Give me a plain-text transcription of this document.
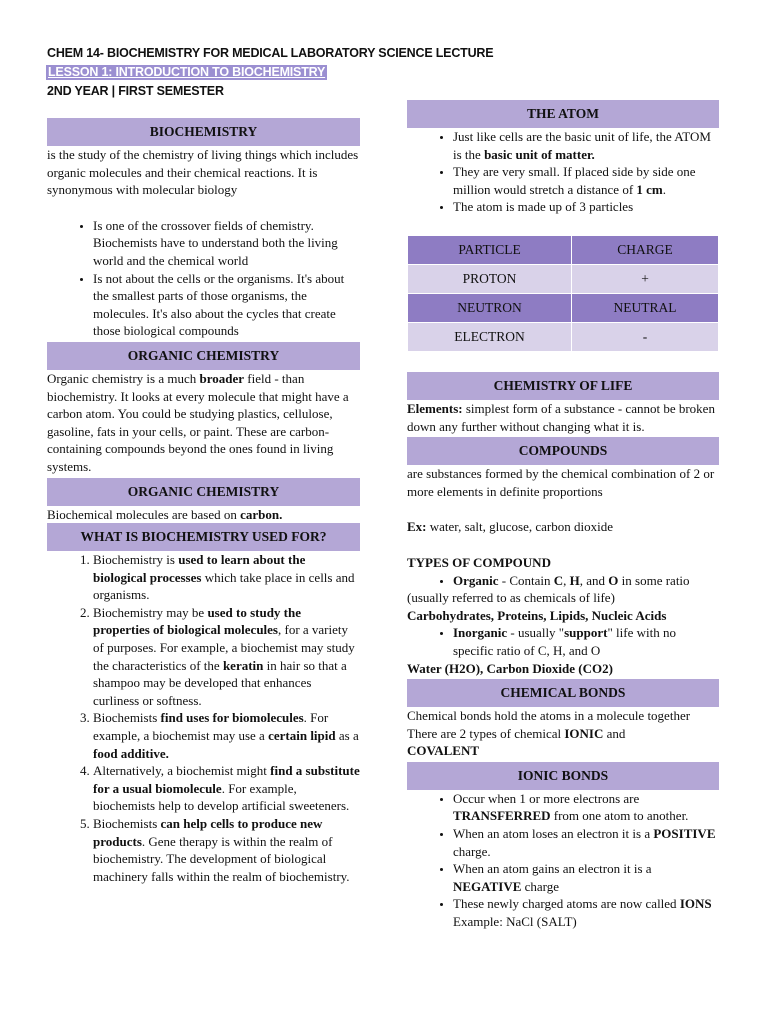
CHEM 14- BIOCHEMISTRY FOR MEDICAL LABORATORY SCIENCE LECTURE
LESSON 1: INTRODUCTION TO BIOCHEMISTRY
2ND YEAR | FIRST SEMESTER
BIOCHEMISTRY

is the study of the chemistry of living things which includes organic molecules and their chemical reactions. It is synonymous with molecular biology

• Is one of the crossover fields of chemistry. Biochemists have to understand both the living world and the chemical world
• Is not about the cells or the organisms. It's about the smallest parts of those organisms, the molecules. It's also about the cycles that create those biological compounds
ORGANIC CHEMISTRY

Organic chemistry is a much broader field - than biochemistry. It looks at every molecule that might have a carbon atom. You could be studying plastics, cellulose, gasoline, fats in your cells, or paint. These are carbon-containing compounds beyond the ones found in living systems.

ORGANIC CHEMISTRY

Biochemical molecules are based on carbon.

WHAT IS BIOCHEMISTRY USED FOR?
1. Biochemistry is used to learn about the biological processes which take place in cells and organisms.
2. Biochemistry may be used to study the properties of biological molecules, for a variety of purposes. For example, a biochemist may study the characteristics of the keratin in hair so that a shampoo may be developed that enhances curliness or softness.
3. Biochemists find uses for biomolecules. For example, a biochemist may use a certain lipid as a food additive.
4. Alternatively, a biochemist might find a substitute for a usual biomolecule. For example, biochemists help to develop artificial sweeteners.
5. Biochemists can help cells to produce new products. Gene therapy is within the realm of biochemistry. The development of biological machinery falls within the realm of biochemistry.
THE ATOM
• Just like cells are the basic unit of life, the ATOM is the basic unit of matter.
• They are very small. If placed side by side one million would stretch a distance of 1 cm.
• The atom is made up of 3 particles
PARTICLE	CHARGE
PROTON	+
NEUTRON	NEUTRAL
ELECTRON	-
CHEMISTRY OF LIFE

Elements: simplest form of a substance - cannot be broken down any further without changing what it is.

COMPOUNDS

are substances formed by the chemical combination of 2 or more elements in definite proportions

Ex: water, salt, glucose, carbon dioxide

TYPES OF COMPOUND

• Organic - Contain C, H, and O in some ratio

(usually referred to as chemicals of life)

Carbohydrates, Proteins, Lipids, Nucleic Acids

• Inorganic - usually "support" life with no specific ratio of C, H, and O

Water (H2O), Carbon Dioxide (CO2)

CHEMICAL BONDS

Chemical bonds hold the atoms in a molecule together

There are 2 types of chemical IONIC and

COVALENT

IONIC BONDS
• Occur when 1 or more electrons are TRANSFERRED from one atom to another.
• When an atom loses an electron it is a POSITIVE charge.
• When an atom gains an electron it is a NEGATIVE charge
• These newly charged atoms are now called IONS
Example: NaCl (SALT)
